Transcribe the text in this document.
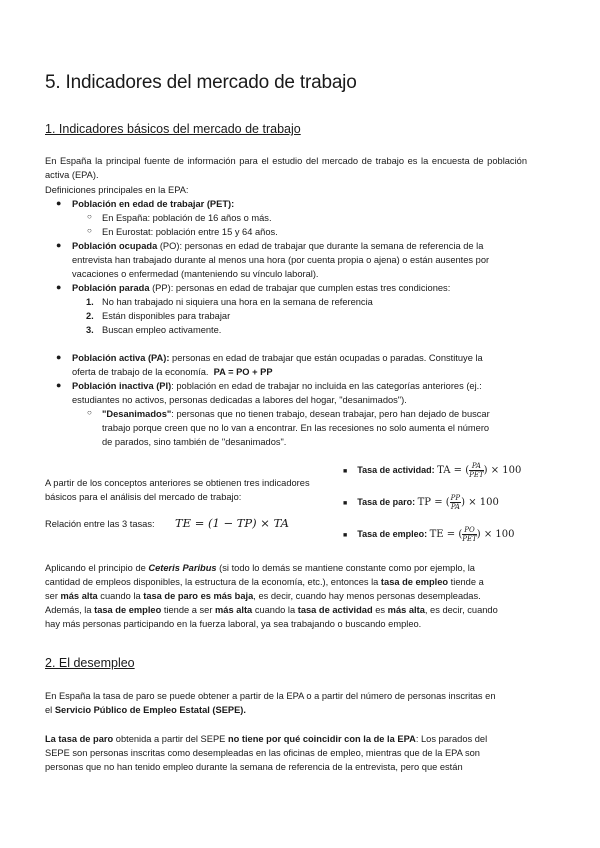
5. Indicadores del mercado de trabajo
1. Indicadores básicos del mercado de trabajo
En España la principal fuente de información para el estudio del mercado de trabajo es la encuesta de población activa (EPA).
Definiciones principales en la EPA:
● Población en edad de trabajar (PET):
○ En España: población de 16 años o más.
○ En Eurostat: población entre 15 y 64 años.
● Población ocupada (PO): personas en edad de trabajar que durante la semana de referencia de la
entrevista han trabajado durante al menos una hora (por cuenta propia o ajena) o están ausentes por
vacaciones o enfermedad (manteniendo su vínculo laboral).
● Población parada (PP): personas en edad de trabajar que cumplen estas tres condiciones:
1. No han trabajado ni siquiera una hora en la semana de referencia
2. Están disponibles para trabajar
3. Buscan empleo activamente.
● Población activa (PA): personas en edad de trabajar que están ocupadas o paradas. Constituye la
oferta de trabajo de la economía. PA = PO + PP
● Población inactiva (PI): población en edad de trabajar no incluida en las categorías anteriores (ej.:
estudiantes no activos, personas dedicadas a labores del hogar, "desanimados").
○ "Desanimados": personas que no tienen trabajo, desean trabajar, pero han dejado de buscar
trabajo porque creen que no lo van a encontrar. En las recesiones no solo aumenta el número
de parados, sino también de "desanimados".
A partir de los conceptos anteriores se obtienen tres indicadores
básicos para el análisis del mercado de trabajo:
Relación entre las 3 tasas: TE = (1 − TP) × TA
■ Tasa de actividad: TA = ( $\frac{PA}{\text{PET}}$ ) × 100
■ Tasa de paro: TP = ( $\frac{PP}{PA}$ ) × 100
■ Tasa de empleo: TE = ( $\frac{PO}{\text{PET}}$ ) × 100
Aplicando el principio de Ceteris Paribus (si todo lo demás se mantiene constante como por ejemplo, la
cantidad de empleos disponibles, la estructura de la economía, etc.), entonces la tasa de empleo tiende a
ser más alta cuando la tasa de paro es más baja, es decir, cuando hay menos personas desempleadas.
Además, la tasa de empleo tiende a ser más alta cuando la tasa de actividad es más alta, es decir, cuando
hay más personas participando en la fuerza laboral, ya sea trabajando o buscando empleo.
2. El desempleo
En España la tasa de paro se puede obtener a partir de la EPA o a partir del número de personas inscritas en
el Servicio Público de Empleo Estatal (SEPE).
La tasa de paro obtenida a partir del SEPE no tiene por qué coincidir con la de la EPA: Los parados del
SEPE son personas inscritas como desempleadas en las oficinas de empleo, mientras que de la EPA son
personas que no han tenido empleo durante la semana de referencia de la entrevista, pero que están
